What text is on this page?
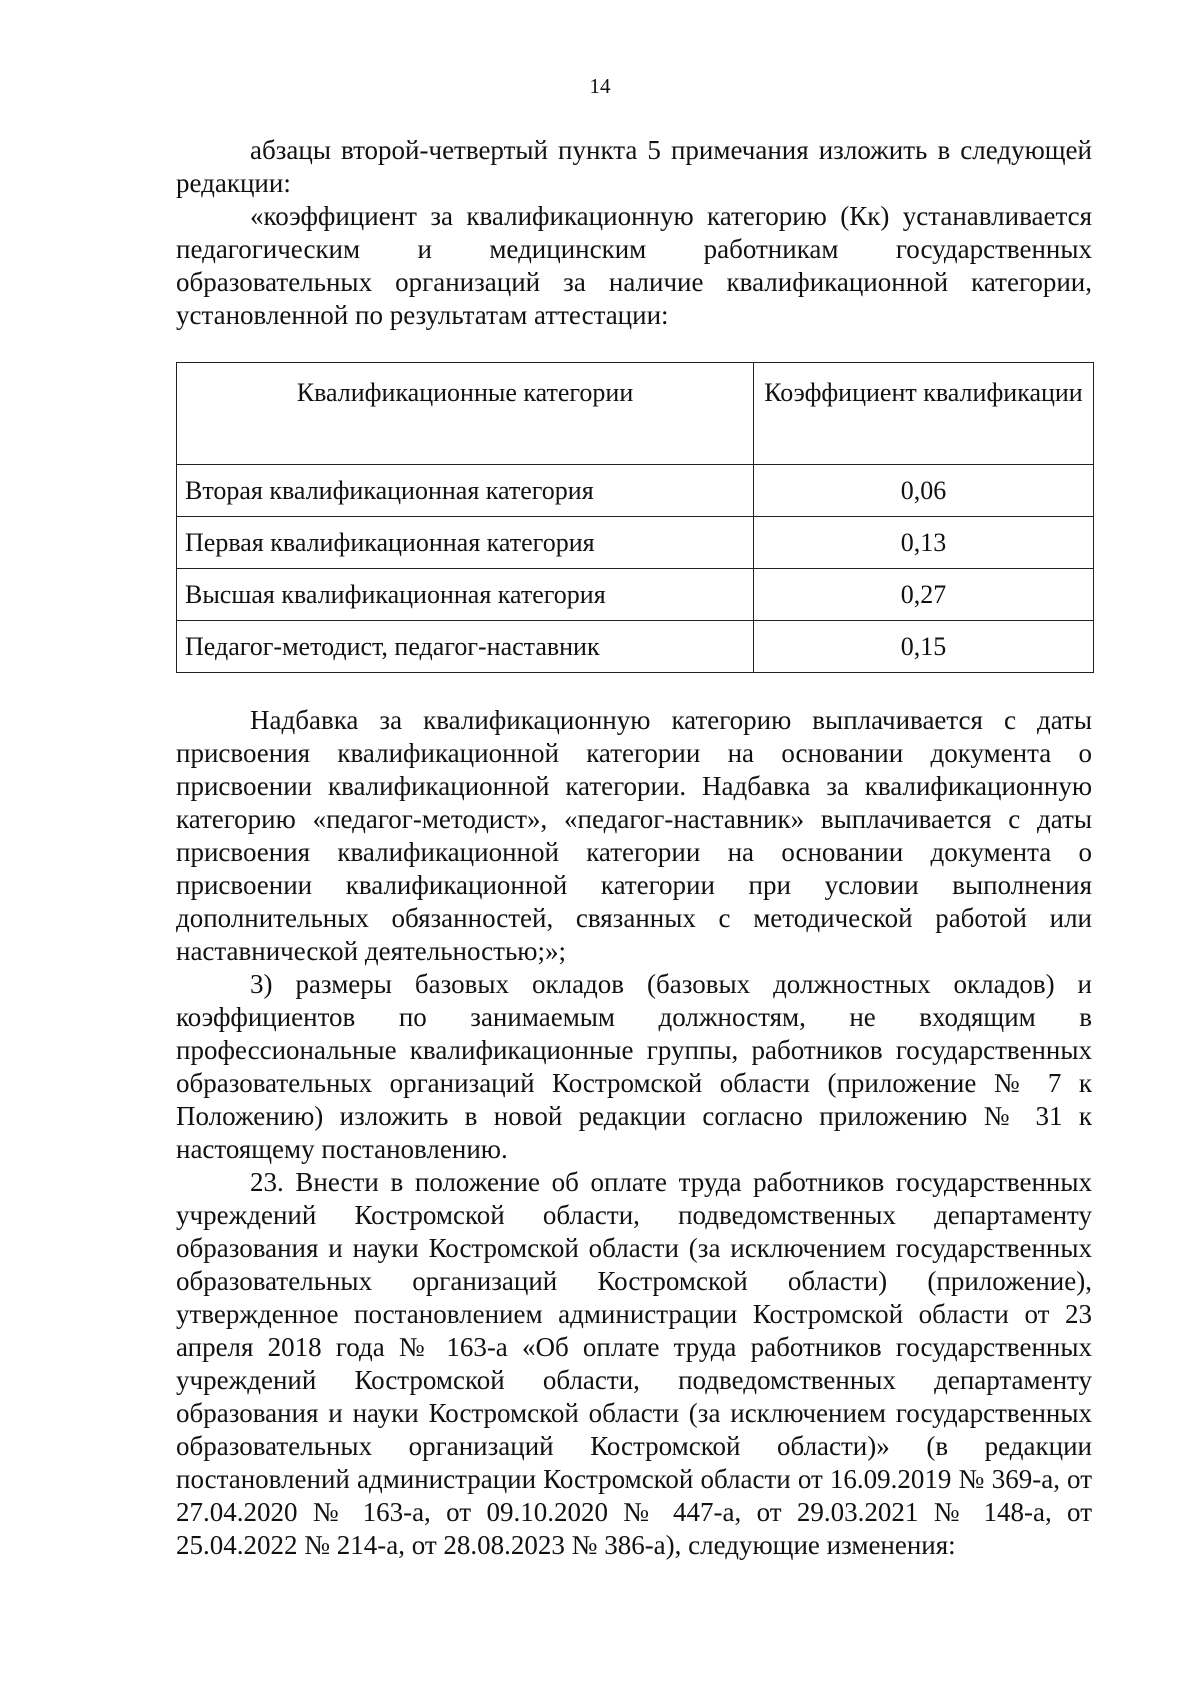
14

абзацы второй-четвертый пункта 5 примечания изложить в следующей редакции:

«коэффициент за квалификационную категорию (Кк) устанавливается педагогическим и медицинским работникам государственных образовательных организаций за наличие квалификационной категории, установленной по результатам аттестации:

Квалификационные категории	Коэффициент квалификации
Вторая квалификационная категория	0,06
Первая квалификационная категория	0,13
Высшая квалификационная категория	0,27
Педагог-методист, педагог-наставник	0,15

Надбавка за квалификационную категорию выплачивается с даты присвоения квалификационной категории на основании документа о присвоении квалификационной категории. Надбавка за квалификационную категорию «педагог-методист», «педагог-наставник» выплачивается с даты присвоения квалификационной категории на основании документа о присвоении квалификационной категории при условии выполнения дополнительных обязанностей, связанных с методической работой или наставнической деятельностью;»;

3) размеры базовых окладов (базовых должностных окладов) и коэффициентов по занимаемым должностям, не входящим в профессиональные квалификационные группы, работников государственных образовательных организаций Костромской области (приложение № 7 к Положению) изложить в новой редакции согласно приложению № 31 к настоящему постановлению.

23. Внести в положение об оплате труда работников государственных учреждений Костромской области, подведомственных департаменту образования и науки Костромской области (за исключением государственных образовательных организаций Костромской области) (приложение), утвержденное постановлением администрации Костромской области от 23 апреля 2018 года № 163-а «Об оплате труда работников государственных учреждений Костромской области, подведомственных департаменту образования и науки Костромской области (за исключением государственных образовательных организаций Костромской области)» (в редакции постановлений администрации Костромской области от 16.09.2019 № 369-а, от 27.04.2020 № 163-а, от 09.10.2020 № 447-а, от 29.03.2021 № 148-а, от 25.04.2022 № 214-а, от 28.08.2023 № 386-а), следующие изменения:
